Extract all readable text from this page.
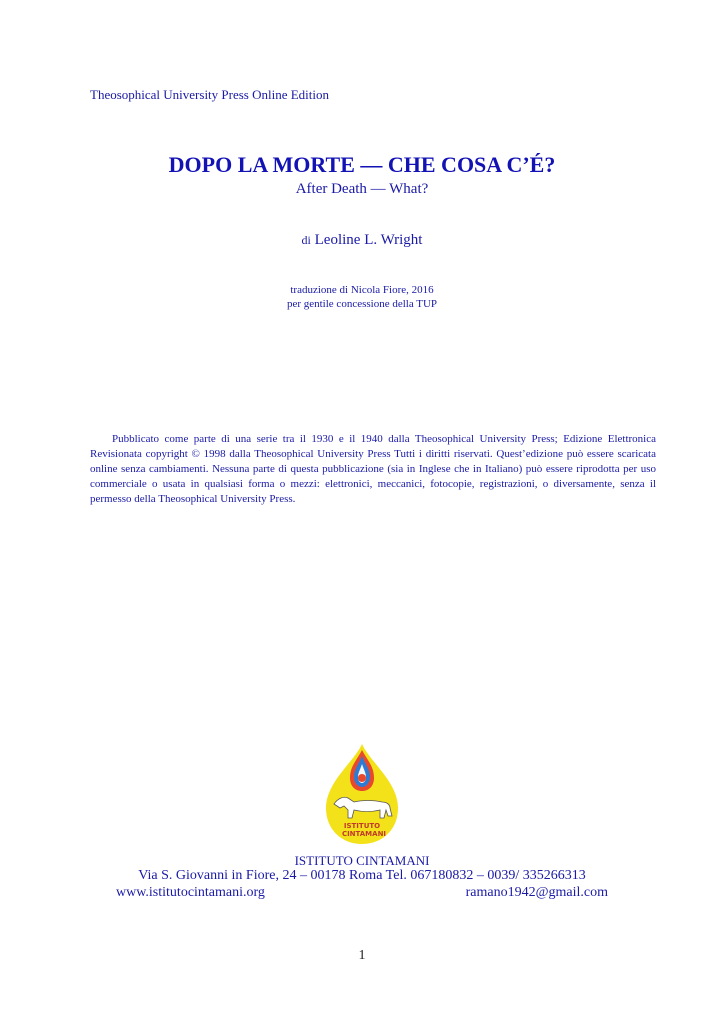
Theosophical University Press Online Edition
DOPO LA MORTE — CHE COSA C’É?
After Death — What?
di Leoline L. Wright
traduzione di Nicola Fiore, 2016
per gentile concessione della TUP
Pubblicato come parte di una serie tra il 1930 e il 1940 dalla Theosophical University Press; Edizione Elettronica Revisionata copyright © 1998 dalla Theosophical University Press Tutti i diritti riservati. Quest’edizione può essere scaricata online senza cambiamenti. Nessuna parte di questa pubblicazione (sia in Inglese che in Italiano) può essere riprodotta per uso commerciale o usata in qualsiasi forma o mezzi: elettronici, meccanici, fotocopie, registrazioni, o diversamente, senza il permesso della Theosophical University Press.
ISTITUTO
CINTAMANI
ISTITUTO CINTAMANI
Via S. Giovanni in Fiore, 24 – 00178 Roma Tel. 067180832 – 0039/ 335266313
www.istitutocintamani.org	ramano1942@gmail.com
1
